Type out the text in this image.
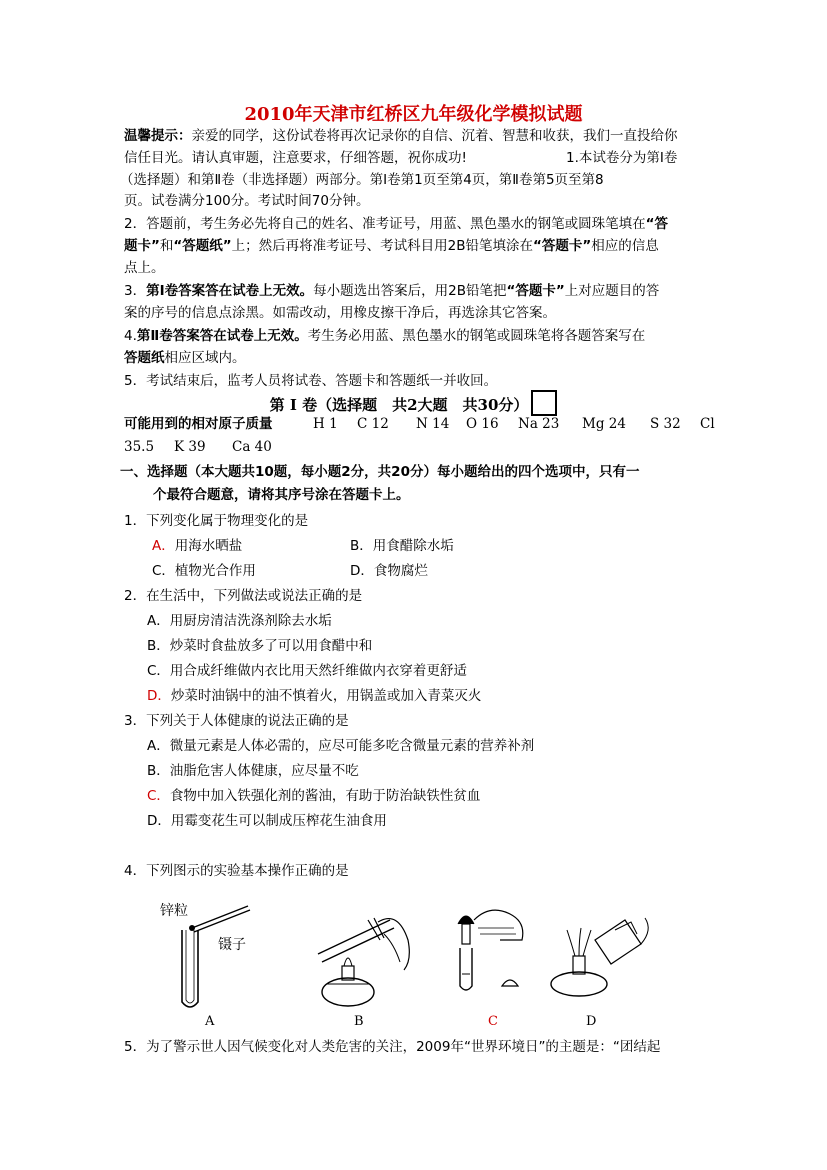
2010年天津市红桥区九年级化学模拟试题
温馨提示：亲爱的同学，这份试卷将再次记录你的自信、沉着、智慧和收获，我们一直投给你
信任目光。请认真审题，注意要求，仔细答题，祝你成功!	1.本试卷分为第Ⅰ卷
（选择题）和第Ⅱ卷（非选择题）两部分。第Ⅰ卷第1页至第4页，第Ⅱ卷第5页至第8
页。试卷满分100分。考试时间70分钟。
2．答题前，考生务必先将自己的姓名、准考证号，用蓝、黑色墨水的钢笔或圆珠笔填在“答
题卡”和“答题纸”上；然后再将准考证号、考试科目用2B铅笔填涂在“答题卡”相应的信息
点上。
3．第Ⅰ卷答案答在试卷上无效。每小题选出答案后，用2B铅笔把“答题卡”上对应题目的答
案的序号的信息点涂黑。如需改动，用橡皮擦干净后，再选涂其它答案。
4.第Ⅱ卷答案答在试卷上无效。考生务必用蓝、黑色墨水的钢笔或圆珠笔将各题答案写在
答题纸相应区域内。
5．考试结束后，监考人员将试卷、答题卡和答题纸一并收回。
第 Ⅰ 卷（选择题　共2大题　共30分）
可能用到的相对原子质量	H 1 C 12 N 14 O 16 Na 23 Mg 24 S 32 Cl
35.5 K 39 Ca 40
一、选择题（本大题共10题，每小题2分，共20分）每小题给出的四个选项中，只有一
个最符合题意，请将其序号涂在答题卡上。
1．下列变化属于物理变化的是
A．用海水晒盐	B．用食醋除水垢
C．植物光合作用	D．食物腐烂
2．在生活中，下列做法或说法正确的是
A．用厨房清洁洗涤剂除去水垢
B．炒菜时食盐放多了可以用食醋中和
C．用合成纤维做内衣比用天然纤维做内衣穿着更舒适
D．炒菜时油锅中的油不慎着火，用锅盖或加入青菜灭火
3．下列关于人体健康的说法正确的是
A．微量元素是人体必需的，应尽可能多吃含微量元素的营养补剂
B．油脂危害人体健康，应尽量不吃
C．食物中加入铁强化剂的酱油，有助于防治缺铁性贫血
D．用霉变花生可以制成压榨花生油食用
4．下列图示的实验基本操作正确的是
锌粒
镊子
A	B	C	D
5．为了警示世人因气候变化对人类危害的关注，2009年“世界环境日”的主题是：“团结起
